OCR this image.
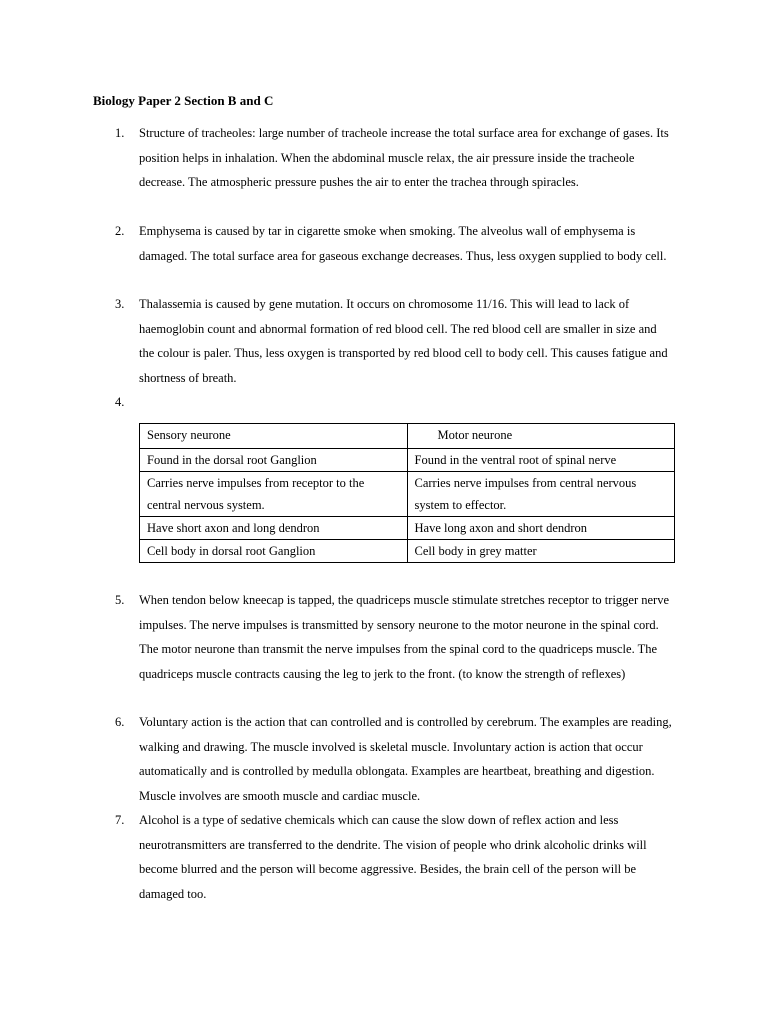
Biology Paper 2 Section B and C
1. Structure of tracheoles: large number of tracheole increase the total surface area for exchange of gases. Its position helps in inhalation. When the abdominal muscle relax, the air pressure inside the tracheole decrease. The atmospheric pressure pushes the air to enter the trachea through spiracles.
2. Emphysema is caused by tar in cigarette smoke when smoking. The alveolus wall of emphysema is damaged. The total surface area for gaseous exchange decreases. Thus, less oxygen supplied to body cell.
3. Thalassemia is caused by gene mutation. It occurs on chromosome 11/16. This will lead to lack of haemoglobin count and abnormal formation of red blood cell. The red blood cell are smaller in size and the colour is paler. Thus, less oxygen is transported by red blood cell to body cell. This causes fatigue and shortness of breath.
4.
Sensory neurone	Motor neurone
Found in the dorsal root Ganglion	Found in the ventral root of spinal nerve
Carries nerve impulses from receptor to the central nervous system.	Carries nerve impulses from central nervous system to effector.
Have short axon and long dendron	Have long axon and short dendron
Cell body in dorsal root Ganglion	Cell body in grey matter
5. When tendon below kneecap is tapped, the quadriceps muscle stimulate stretches receptor to trigger nerve impulses. The nerve impulses is transmitted by sensory neurone to the motor neurone in the spinal cord. The motor neurone than transmit the nerve impulses from the spinal cord to the quadriceps muscle. The quadriceps muscle contracts causing the leg to jerk to the front. (to know the strength of reflexes)
6. Voluntary action is the action that can controlled and is controlled by cerebrum. The examples are reading, walking and drawing. The muscle involved is skeletal muscle. Involuntary action is action that occur automatically and is controlled by medulla oblongata. Examples are heartbeat, breathing and digestion. Muscle involves are smooth muscle and cardiac muscle.
7. Alcohol is a type of sedative chemicals which can cause the slow down of reflex action and less neurotransmitters are transferred to the dendrite. The vision of people who drink alcoholic drinks will become blurred and the person will become aggressive. Besides, the brain cell of the person will be damaged too.
